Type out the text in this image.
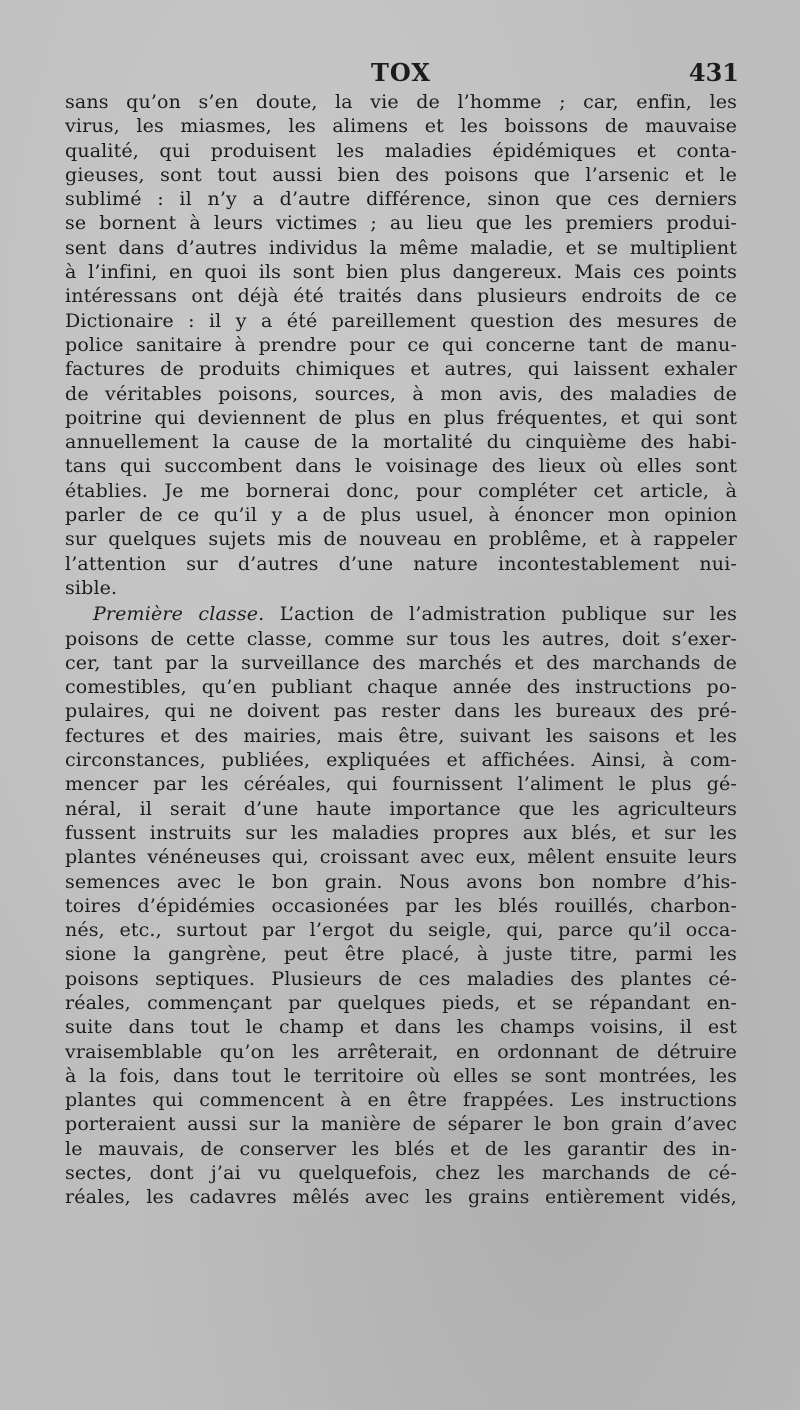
TOX	431
sans qu’on s’en doute, la vie de l’homme ; car, enfin, les
virus, les miasmes, les alimens et les boissons de mauvaise
qualité, qui produisent les maladies épidémiques et conta-
gieuses, sont tout aussi bien des poisons que l’arsenic et le
sublimé : il n’y a d’autre différence, sinon que ces derniers
se bornent à leurs victimes ; au lieu que les premiers produi-
sent dans d’autres individus la même maladie, et se multiplient
à l’infini, en quoi ils sont bien plus dangereux. Mais ces points
intéressans ont déjà été traités dans plusieurs endroits de ce
Dictionaire : il y a été pareillement question des mesures de
police sanitaire à prendre pour ce qui concerne tant de manu-
factures de produits chimiques et autres, qui laissent exhaler
de véritables poisons, sources, à mon avis, des maladies de
poitrine qui deviennent de plus en plus fréquentes, et qui sont
annuellement la cause de la mortalité du cinquième des habi-
tans qui succombent dans le voisinage des lieux où elles sont
établies. Je me bornerai donc, pour compléter cet article, à
parler de ce qu’il y a de plus usuel, à énoncer mon opinion
sur quelques sujets mis de nouveau en problême, et à rappeler
l’attention sur d’autres d’une nature incontestablement nui-
sible.
Première classe. L’action de l’admistration publique sur les
poisons de cette classe, comme sur tous les autres, doit s’exer-
cer, tant par la surveillance des marchés et des marchands de
comestibles, qu’en publiant chaque année des instructions po-
pulaires, qui ne doivent pas rester dans les bureaux des pré-
fectures et des mairies, mais être, suivant les saisons et les
circonstances, publiées, expliquées et affichées. Ainsi, à com-
mencer par les céréales, qui fournissent l’aliment le plus gé-
néral, il serait d’une haute importance que les agriculteurs
fussent instruits sur les maladies propres aux blés, et sur les
plantes vénéneuses qui, croissant avec eux, mêlent ensuite leurs
semences avec le bon grain. Nous avons bon nombre d’his-
toires d’épidémies occasionées par les blés rouillés, charbon-
nés, etc., surtout par l’ergot du seigle, qui, parce qu’il occa-
sione la gangrène, peut être placé, à juste titre, parmi les
poisons septiques. Plusieurs de ces maladies des plantes cé-
réales, commençant par quelques pieds, et se répandant en-
suite dans tout le champ et dans les champs voisins, il est
vraisemblable qu’on les arrêterait, en ordonnant de détruire
à la fois, dans tout le territoire où elles se sont montrées, les
plantes qui commencent à en être frappées. Les instructions
porteraient aussi sur la manière de séparer le bon grain d’avec
le mauvais, de conserver les blés et de les garantir des in-
sectes, dont j’ai vu quelquefois, chez les marchands de cé-
réales, les cadavres mêlés avec les grains entièrement vidés,
